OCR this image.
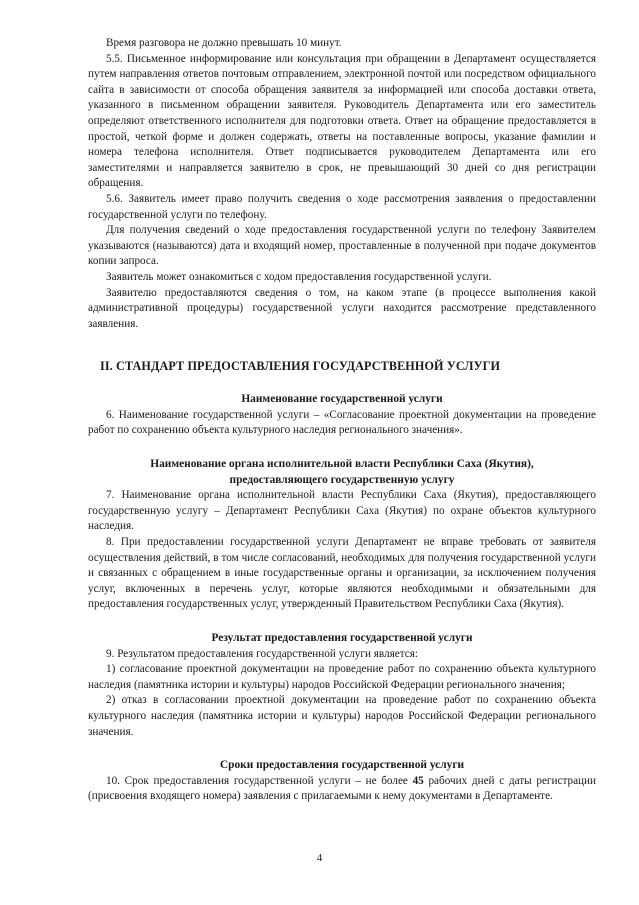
Время разговора не должно превышать 10 минут.

5.5. Письменное информирование или консультация при обращении в Департамент осуществляется путем направления ответов почтовым отправлением, электронной почтой или посредством официального сайта в зависимости от способа обращения заявителя за информацией или способа доставки ответа, указанного в письменном обращении заявителя. Руководитель Департамента или его заместитель определяют ответственного исполнителя для подготовки ответа. Ответ на обращение предоставляется в простой, четкой форме и должен содержать, ответы на поставленные вопросы, указание фамилии и номера телефона исполнителя. Ответ подписывается руководителем Департамента или его заместителями и направляется заявителю в срок, не превышающий 30 дней со дня регистрации обращения.

5.6. Заявитель имеет право получить сведения о ходе рассмотрения заявления о предоставлении государственной услуги по телефону.

Для получения сведений о ходе предоставления государственной услуги по телефону Заявителем указываются (называются) дата и входящий номер, проставленные в полученной при подаче документов копии запроса.

Заявитель может ознакомиться с ходом предоставления государственной услуги.

Заявителю предоставляются сведения о том, на каком этапе (в процессе выполнения какой административной процедуры) государственной услуги находится рассмотрение представленного заявления.

II. СТАНДАРТ ПРЕДОСТАВЛЕНИЯ ГОСУДАРСТВЕННОЙ УСЛУГИ

Наименование государственной услуги

6. Наименование государственной услуги – «Согласование проектной документации на проведение работ по сохранению объекта культурного наследия регионального значения».

Наименование органа исполнительной власти Республики Саха (Якутия),

предоставляющего государственную услугу

7. Наименование органа исполнительной власти Республики Саха (Якутия), предоставляющего государственную услугу – Департамент Республики Саха (Якутия) по охране объектов культурного наследия.

8. При предоставлении государственной услуги Департамент не вправе требовать от заявителя осуществления действий, в том числе согласований, необходимых для получения государственной услуги и связанных с обращением в иные государственные органы и организации, за исключением получения услуг, включенных в перечень услуг, которые являются необходимыми и обязательными для предоставления государственных услуг, утвержденный Правительством Республики Саха (Якутия).

Результат предоставления государственной услуги

9. Результатом предоставления государственной услуги является:

1) согласование проектной документации на проведение работ по сохранению объекта культурного наследия (памятника истории и культуры) народов Российской Федерации регионального значения;

2) отказ в согласовании проектной документации на проведение работ по сохранению объекта культурного наследия (памятника истории и культуры) народов Российской Федерации регионального значения.

Сроки предоставления государственной услуги

10. Срок предоставления государственной услуги – не более 45 рабочих дней с даты регистрации (присвоения входящего номера) заявления с прилагаемыми к нему документами в Департаменте.

4
